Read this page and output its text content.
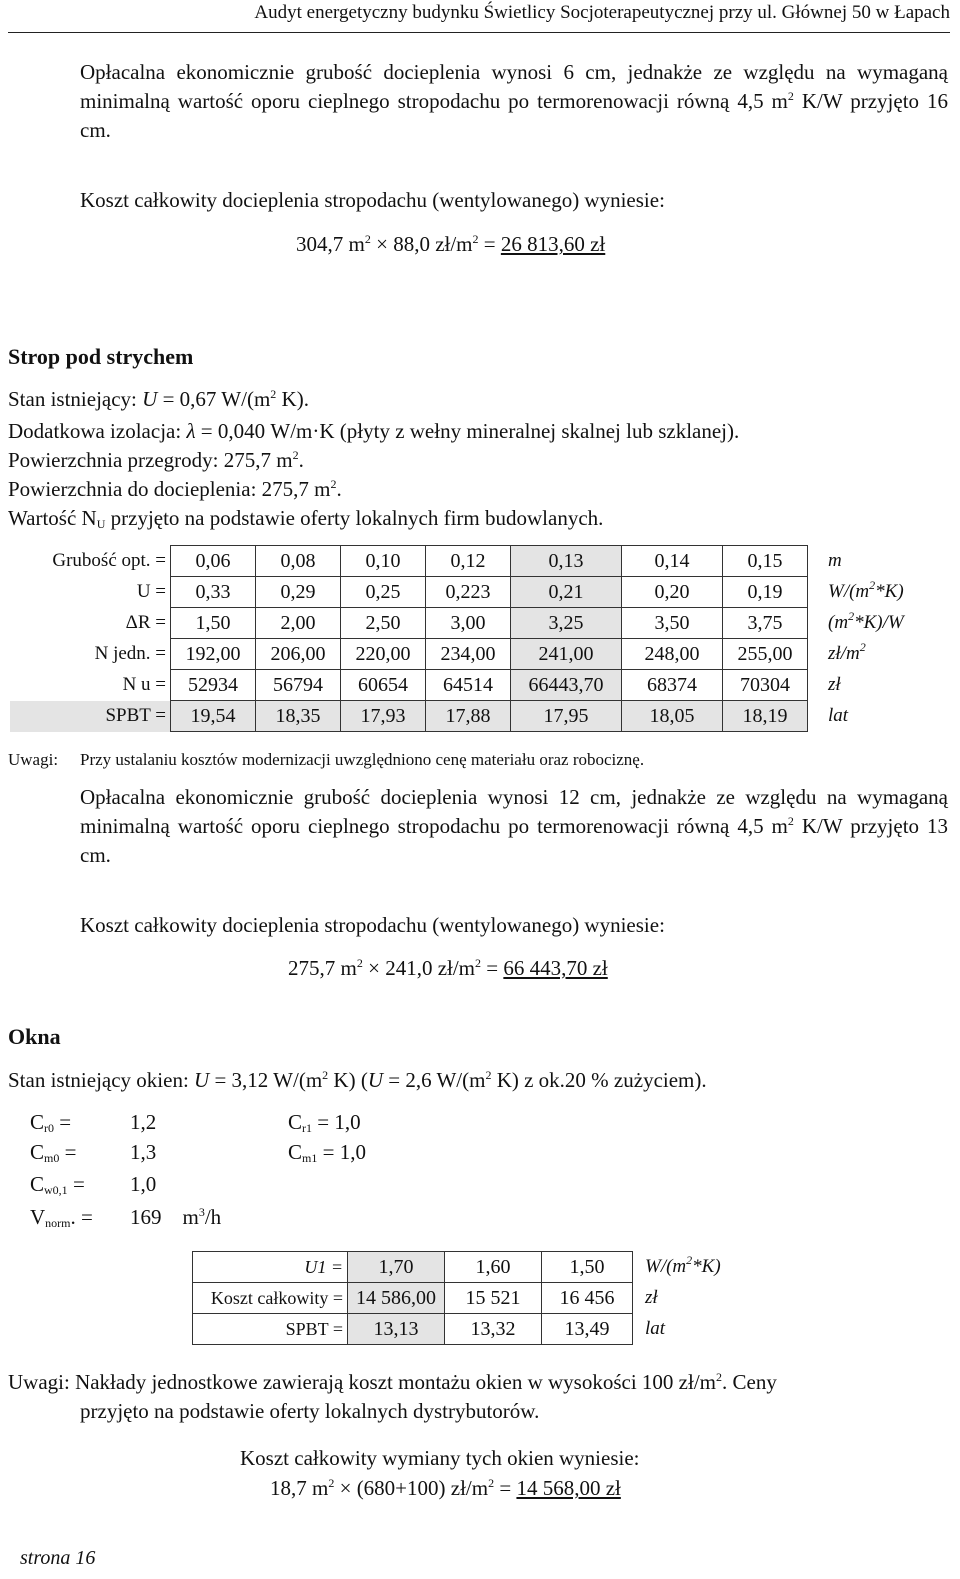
Audyt energetyczny budynku Świetlicy Socjoterapeutycznej przy ul. Głównej 50 w Łapach
Opłacalna ekonomicznie grubość docieplenia wynosi 6 cm, jednakże ze względu na wymaganą minimalną wartość oporu cieplnego stropodachu po termorenowacji równą 4,5 $m^2$ K/W przyjęto 16 cm.
Koszt całkowity docieplenia stropodachu (wentylowanego) wyniesie:
304,7 $m^2 \times 88,0$ $zł/m^2 = 26$ 813,60 zł
Strop pod strychem
Stan istniejący: U = 0,67 $W/(m^2$ K).
Dodatkowa izolacja: λ = 0,040 W/m·K (płyty z wełny mineralnej skalnej lub szklanej).
Powierzchnia przegrody: 275,7 $m^2$.
Powierzchnia do docieplenia: 275,7 $m^2$.
Wartość $N_U$ przyjęto na podstawie oferty lokalnych firm budowlanych.
Grubość opt. =	0,06	0,08	0,10	0,12	0,13	0,14	0,15	m
U =	0,33	0,29	0,25	0,223	0,21	0,20	0,19	$W/(m^2*K)$
ΔR =	1,50	2,00	2,50	3,00	3,25	3,50	3,75	$(m^2*K)/W$
N jedn. =	192,00	206,00	220,00	234,00	241,00	248,00	255,00	$zł/m^2$
N u =	52934	56794	60654	64514	66443,70	68374	70304	zł
SPBT =	19,54	18,35	17,93	17,88	17,95	18,05	18,19	lat
Uwagi: Przy ustalaniu kosztów modernizacji uwzględniono cenę materiału oraz robociznę.
Opłacalna ekonomicznie grubość docieplenia wynosi 12 cm, jednakże ze względu na wymaganą minimalną wartość oporu cieplnego stropodachu po termorenowacji równą 4,5 $m^2$ K/W przyjęto 13 cm.
Koszt całkowity docieplenia stropodachu (wentylowanego) wyniesie:
275,7 $m^2 \times 241,0$ $zł/m^2 = 66$ 443,70 zł
Okna
Stan istniejący okien: U = 3,12 $W/(m^2$ K) (U = 2,6 $W/(m^2$ K) z ok.20 % zużyciem).
$C_{r0}$ =	1,2	$C_{r1} = 1,0$
$C_{m0}$ =	1,3	$C_{m1} = 1,0$
$C_{w0,1} = 1,0$
$V_{norm}$. = 169 $m^3/h$
U1 =	1,70	1,60	1,50	$W/(m^2*K)$
Koszt całkowity =	14 586,00	15 521	16 456	zł
SPBT =	13,13	13,32	13,49	lat
Uwagi: Nakłady jednostkowe zawierają koszt montażu okien w wysokości 100 $zł/m^2$. Ceny
przyjęto na podstawie oferty lokalnych dystrybutorów.
Koszt całkowity wymiany tych okien wyniesie:
18,7 $m^2 \times (680+100)$ $zł/m^2 = 14$ 568,00 zł
strona 16
